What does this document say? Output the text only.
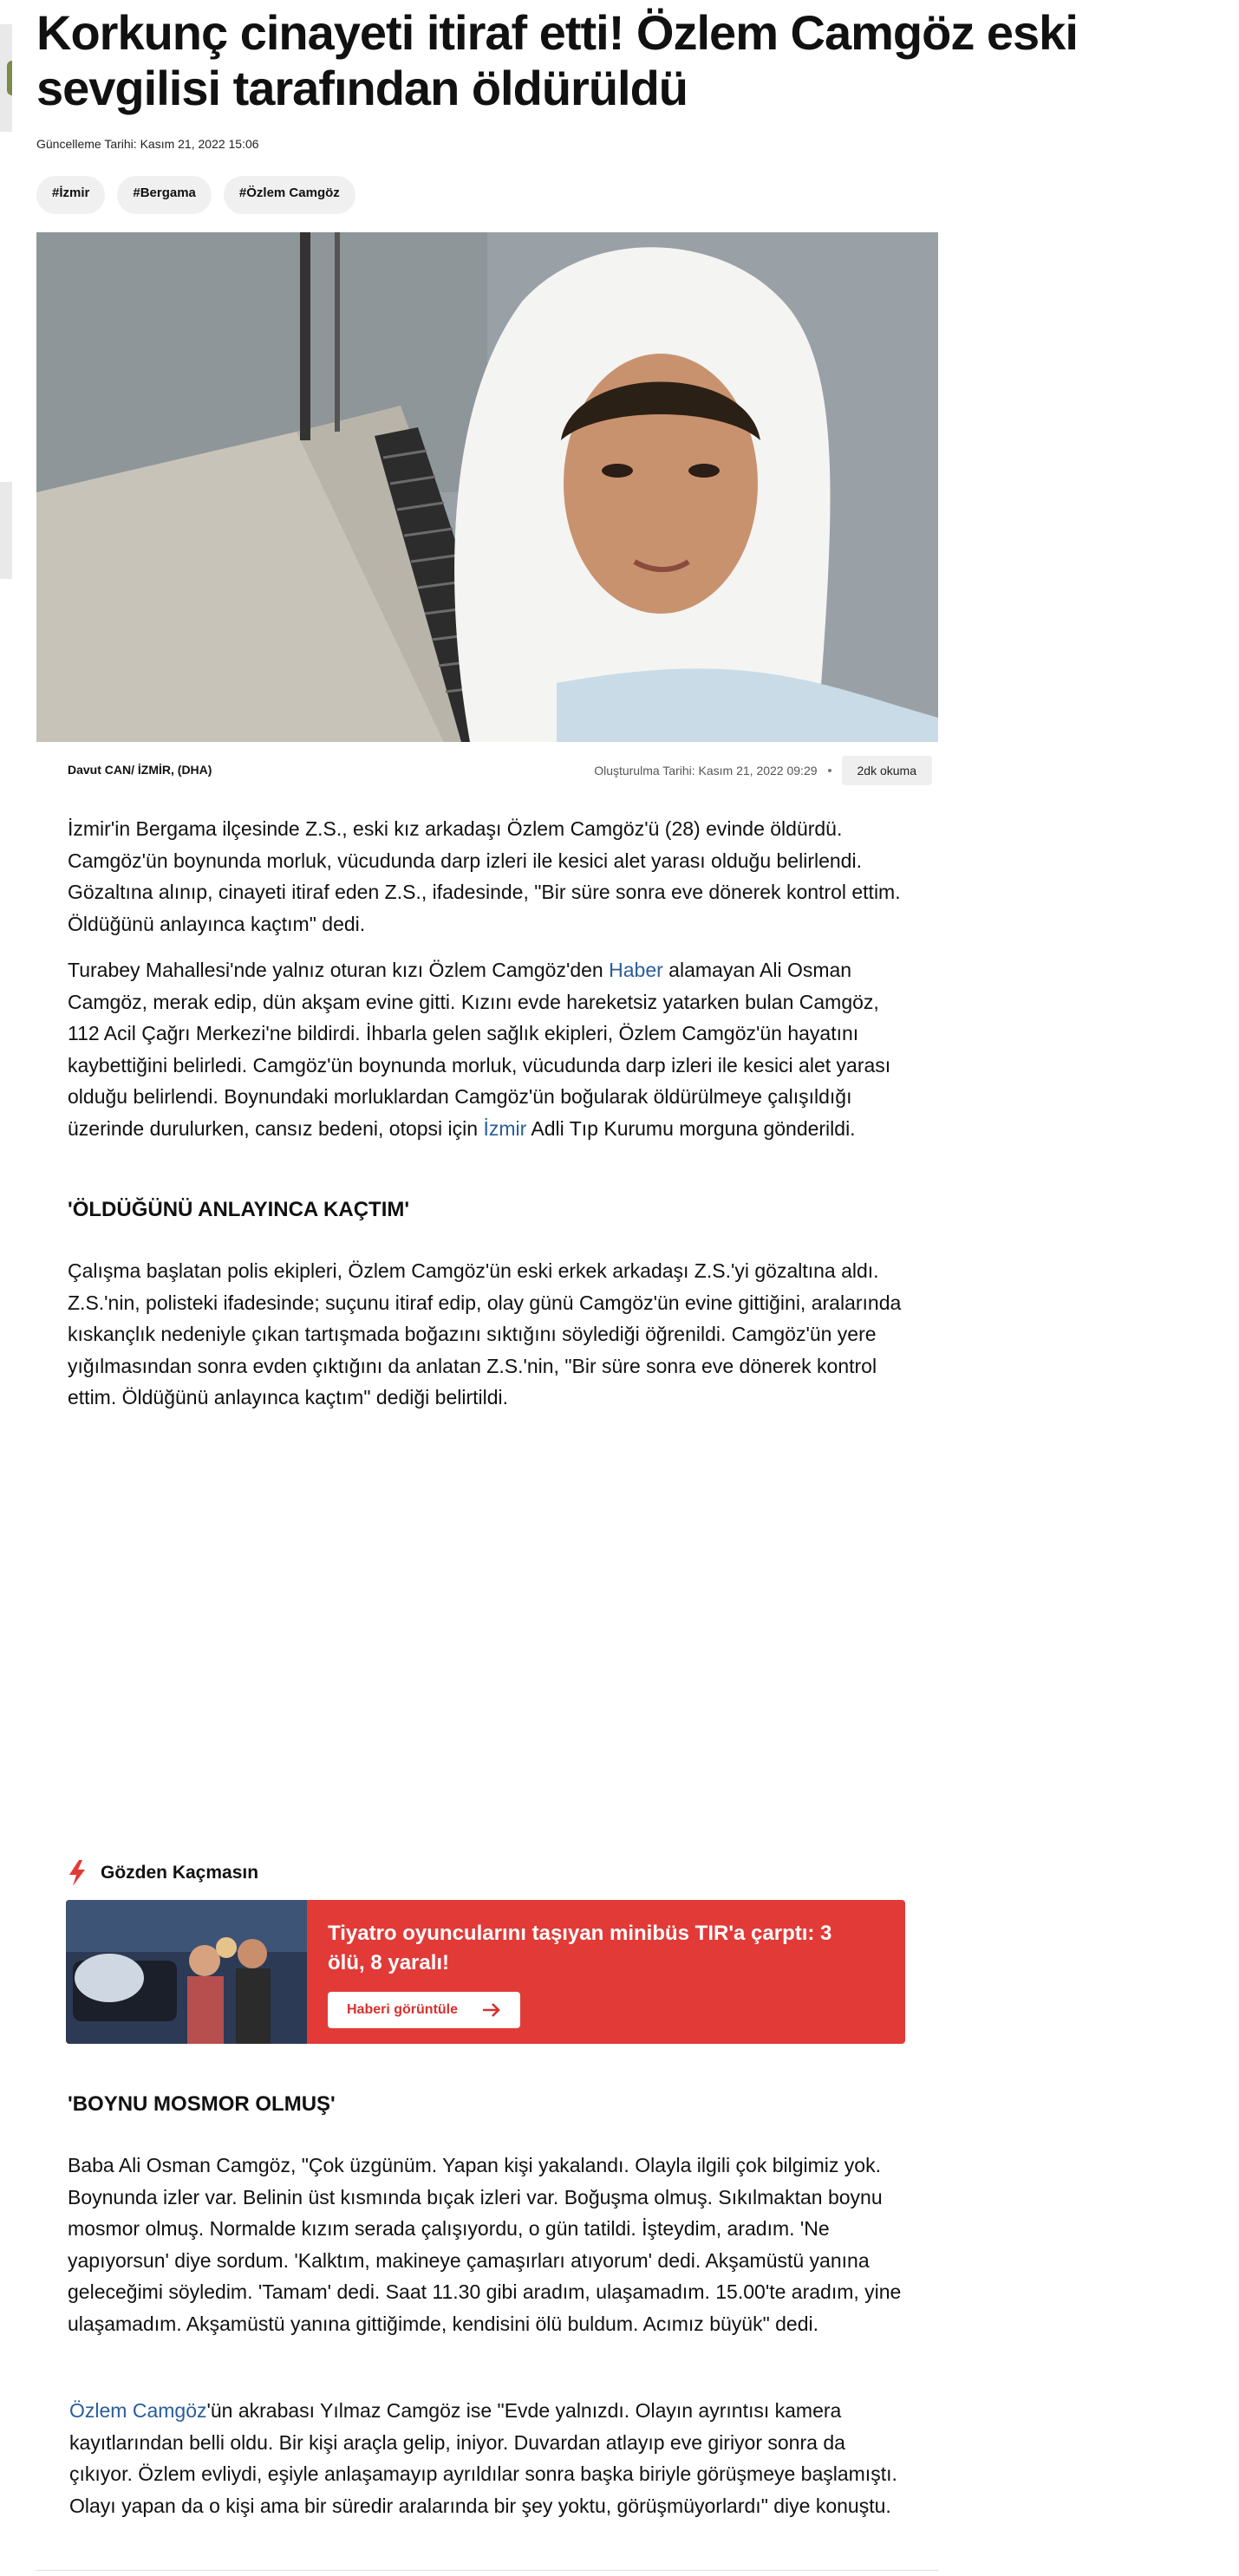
Korkunç cinayeti itiraf etti! Özlem Camgöz eski sevgilisi tarafından öldürüldü
Güncelleme Tarihi: Kasım 21, 2022 15:06
#İzmir	#Bergama	#Özlem Camgöz
Davut CAN/ İZMİR, (DHA)	Oluşturulma Tarihi: Kasım 21, 2022 09:29	2dk okuma

İzmir'in Bergama ilçesinde Z.S., eski kız arkadaşı Özlem Camgöz'ü (28) evinde öldürdü. Camgöz'ün boynunda morluk, vücudunda darp izleri ile kesici alet yarası olduğu belirlendi. Gözaltına alınıp, cinayeti itiraf eden Z.S., ifadesinde, "Bir süre sonra eve dönerek kontrol ettim. Öldüğünü anlayınca kaçtım" dedi.

Turabey Mahallesi'nde yalnız oturan kızı Özlem Camgöz'den Haber alamayan Ali Osman Camgöz, merak edip, dün akşam evine gitti. Kızını evde hareketsiz yatarken bulan Camgöz, 112 Acil Çağrı Merkezi'ne bildirdi. İhbarla gelen sağlık ekipleri, Özlem Camgöz'ün hayatını kaybettiğini belirledi. Camgöz'ün boynunda morluk, vücudunda darp izleri ile kesici alet yarası olduğu belirlendi. Boynundaki morluklardan Camgöz'ün boğularak öldürülmeye çalışıldığı üzerinde durulurken, cansız bedeni, otopsi için İzmir Adli Tıp Kurumu morguna gönderildi.

'ÖLDÜĞÜNÜ ANLAYINCA KAÇTIM'

Çalışma başlatan polis ekipleri, Özlem Camgöz'ün eski erkek arkadaşı Z.S.'yi gözaltına aldı. Z.S.'nin, polisteki ifadesinde; suçunu itiraf edip, olay günü Camgöz'ün evine gittiğini, aralarında kıskançlık nedeniyle çıkan tartışmada boğazını sıktığını söylediği öğrenildi. Camgöz'ün yere yığılmasından sonra evden çıktığını da anlatan Z.S.'nin, "Bir süre sonra eve dönerek kontrol ettim. Öldüğünü anlayınca kaçtım" dediği belirtildi.

Gözden Kaçmasın
Tiyatro oyuncularını taşıyan minibüs TIR'a çarptı: 3 ölü, 8 yaralı!
Haberi görüntüle
'BOYNU MOSMOR OLMUŞ'

Baba Ali Osman Camgöz, "Çok üzgünüm. Yapan kişi yakalandı. Olayla ilgili çok bilgimiz yok. Boynunda izler var. Belinin üst kısmında bıçak izleri var. Boğuşma olmuş. Sıkılmaktan boynu mosmor olmuş. Normalde kızım serada çalışıyordu, o gün tatildi. İşteydim, aradım. 'Ne yapıyorsun' diye sordum. 'Kalktım, makineye çamaşırları atıyorum' dedi. Akşamüstü yanına geleceğimi söyledim. 'Tamam' dedi. Saat 11.30 gibi aradım, ulaşamadım. 15.00'te aradım, yine ulaşamadım. Akşamüstü yanına gittiğimde, kendisini ölü buldum. Acımız büyük" dedi.

Özlem Camgöz'ün akrabası Yılmaz Camgöz ise "Evde yalnızdı. Olayın ayrıntısı kamera kayıtlarından belli oldu. Bir kişi araçla gelip, iniyor. Duvardan atlayıp eve giriyor sonra da çıkıyor. Özlem evliydi, eşiyle anlaşamayıp ayrıldılar sonra başka biriyle görüşmeye başlamıştı. Olayı yapan da o kişi ama bir süredir aralarında bir şey yoktu, görüşmüyorlardı" diye konuştu.
